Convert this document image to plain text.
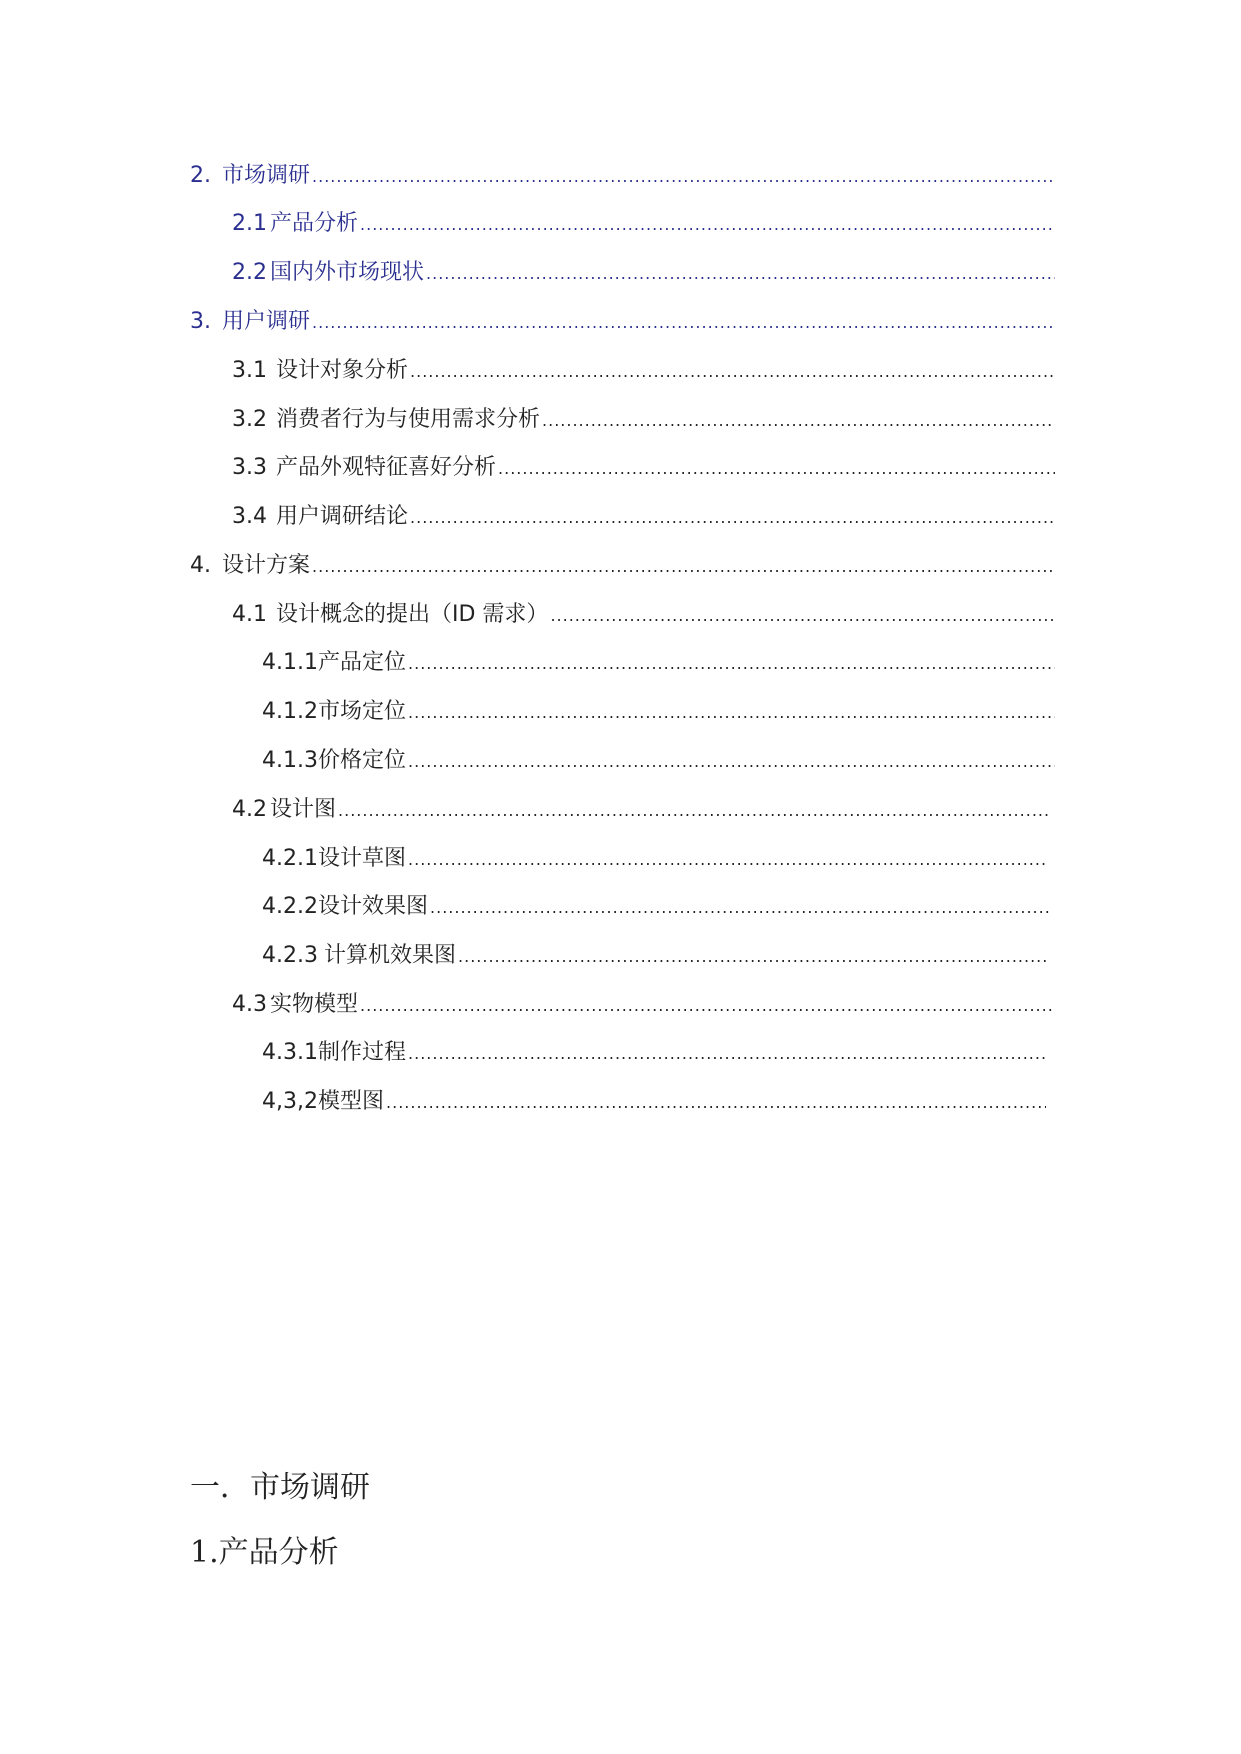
2. 市场调研
.....
2.1 产品分析
.....
2.2 国内外市场现状
.....
3. 用户调研
.....
3.1 设计对象分析
.....
3.2 消费者行为与使用需求分析
.....
3.3 产品外观特征喜好分析
.....
3.4 用户调研结论
.....
4. 设计方案
.....
4.1 设计概念的提出（ID 需求）
.....
4.1.1 产品定位
.....
4.1.2 市场定位
.....
4.1.3 价格定位
.....
4.2 设计图
.....
4.2.1 设计草图
.....
4.2.2 设计效果图
.....
4.2.3 计算机效果图
.....
4.3 实物模型
.....
4.3.1 制作过程
.....
4,3,2 模型图
.....
一．市场调研
1.产品分析
